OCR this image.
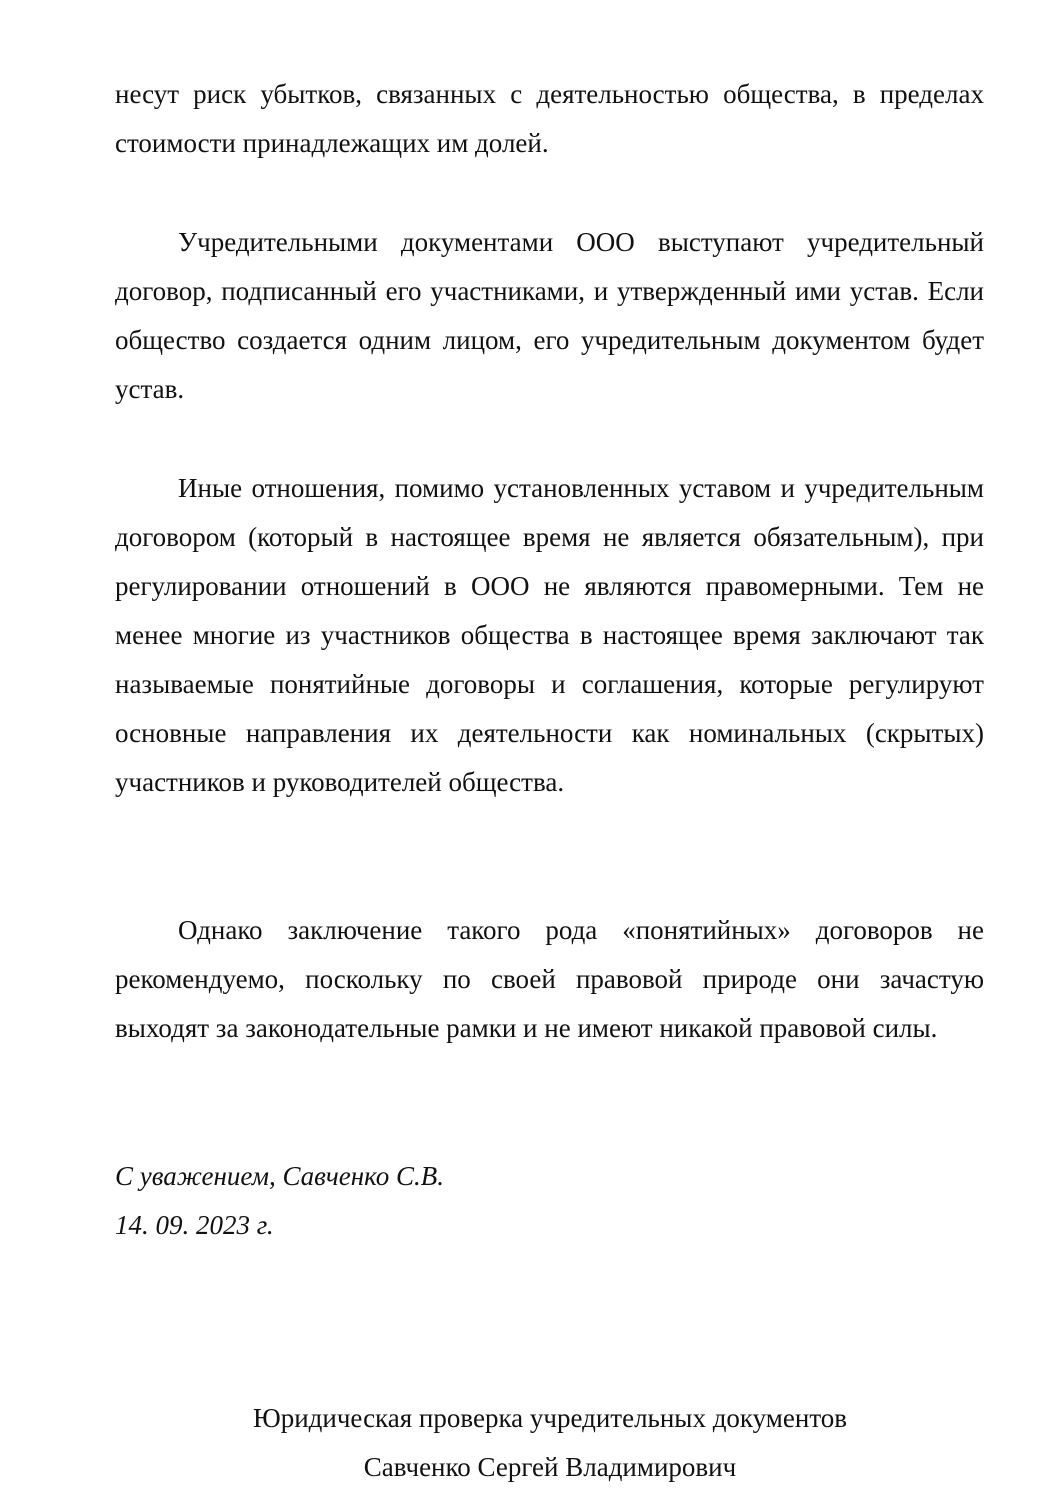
несут риск убытков, связанных с деятельностью общества, в пределах стоимости принадлежащих им долей.

Учредительными документами ООО выступают учредительный договор, подписанный его участниками, и утвержденный ими устав. Если общество создается одним лицом, его учредительным документом будет устав.

Иные отношения, помимо установленных уставом и учредительным договором (который в настоящее время не является обязательным), при регулировании отношений в ООО не являются правомерными. Тем не менее многие из участников общества в настоящее время заключают так называемые понятийные договоры и соглашения, которые регулируют основные направления их деятельности как номинальных (скрытых) участников и руководителей общества.

Однако заключение такого рода «понятийных» договоров не рекомендуемо, поскольку по своей правовой природе они зачастую выходят за законодательные рамки и не имеют никакой правовой силы.

С уважением, Савченко С.В.

14. 09. 2023 г.

Юридическая проверка учредительных документов

Савченко Сергей Владимирович
